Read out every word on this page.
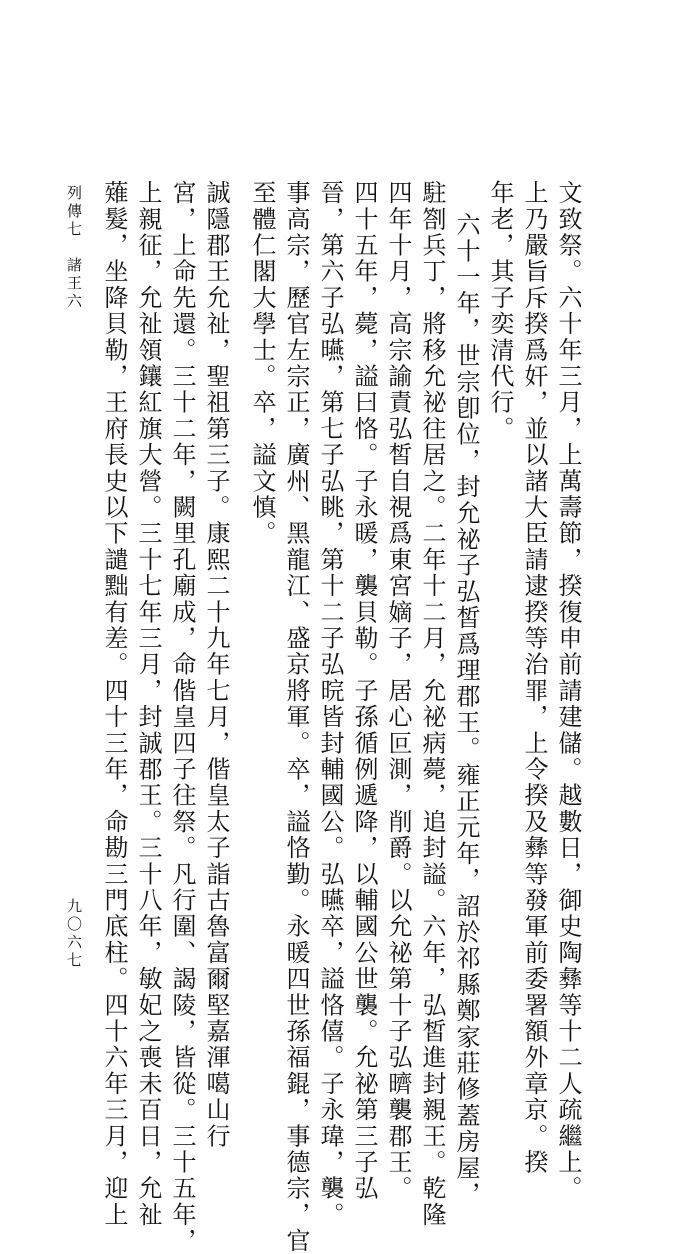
文致祭。六十年三月，上萬壽節，揆復申前請建儲。越數日，御史陶彝等十二人疏繼上。
上乃嚴旨斥揆爲奸，並以諸大臣請逮揆等治罪，上令揆及彝等發軍前委署額外章京。揆
年老，其子奕清代行。
六十一年，世宗卽位，封允祕子弘皙爲理郡王。雍正元年，詔於祁縣鄭家莊修蓋房屋，
駐劄兵丁，將移允祕往居之。二年十二月，允祕病薨，追封謚。六年，弘皙進封親王。乾隆
四年十月，高宗諭責弘皙自視爲東宮嫡子，居心叵測，削爵。以允祕第十子弘𣋠襲郡王。
四十五年，薨，謚曰恪。子永暖，襲貝勒。子孫循例遞降，以輔國公世襲。允祕第三子弘
晉，第六子弘曣，第七子弘眺，第十二子弘晥皆封輔國公。弘曣卒，謚恪僖。子永瑋，襲。
事高宗，歷官左宗正，廣州、黑龍江、盛京將軍。卒，謚恪勤。永暖四世孫福錕，事德宗，官
至體仁閣大學士。卒，謚文慎。
誠隱郡王允祉，聖祖第三子。康熙二十九年七月，偕皇太子詣古魯富爾堅嘉渾噶山行
宮，上命先還。三十二年，闕里孔廟成，命偕皇四子往祭。凡行圍、謁陵，皆從。三十五年，
上親征，允祉領鑲紅旗大營。三十七年三月，封誠郡王。三十八年，敏妃之喪未百日，允祉
薙髮，坐降貝勒，王府長史以下譴黜有差。四十三年，命勘三門底柱。四十六年三月，迎上
列傳七　諸王六
九〇六七
